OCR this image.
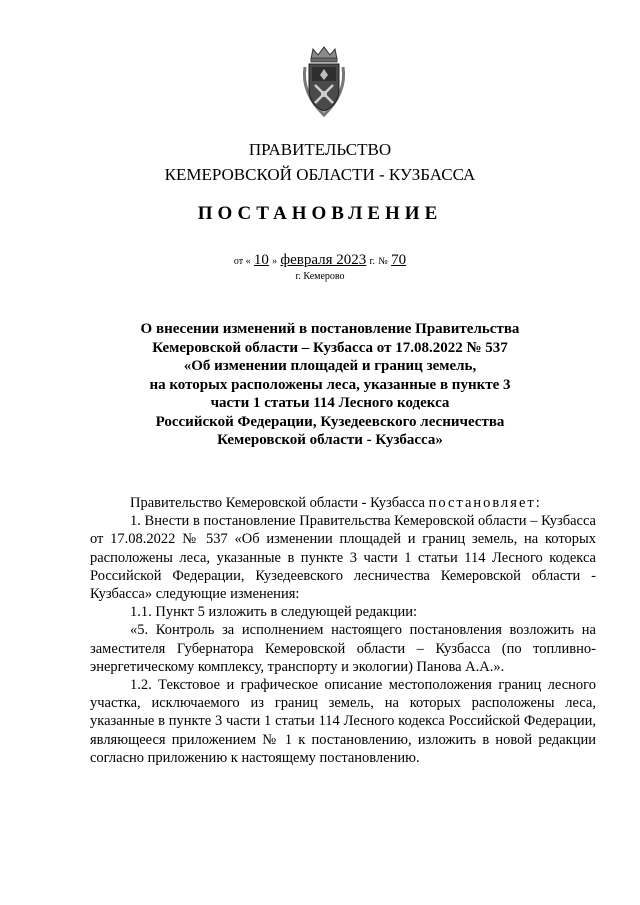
ПРАВИТЕЛЬСТВО
КЕМЕРОВСКОЙ ОБЛАСТИ - КУЗБАССА
ПОСТАНОВЛЕНИЕ
от « 10 » февраля 2023 г. № 70
г. Кемерово
О внесении изменений в постановление Правительства
Кемеровской области – Кузбасса от 17.08.2022 № 537
«Об изменении площадей и границ земель,
на которых расположены леса, указанные в пункте 3
части 1 статьи 114 Лесного кодекса
Российской Федерации, Кузедеевского лесничества
Кемеровской области - Кузбасса»

Правительство Кемеровской области - Кузбасса постановляет:

1. Внести в постановление Правительства Кемеровской области – Кузбасса от 17.08.2022 № 537 «Об изменении площадей и границ земель, на которых расположены леса, указанные в пункте 3 части 1 статьи 114 Лесного кодекса Российской Федерации, Кузедеевского лесничества Кемеровской области - Кузбасса» следующие изменения:

1.1. Пункт 5 изложить в следующей редакции:

«5. Контроль за исполнением настоящего постановления возложить на заместителя Губернатора Кемеровской области – Кузбасса (по топливно-энергетическому комплексу, транспорту и экологии) Панова А.А.».

1.2. Текстовое и графическое описание местоположения границ лесного участка, исключаемого из границ земель, на которых расположены леса, указанные в пункте 3 части 1 статьи 114 Лесного кодекса Российской Федерации, являющееся приложением № 1 к постановлению, изложить в новой редакции согласно приложению к настоящему постановлению.
